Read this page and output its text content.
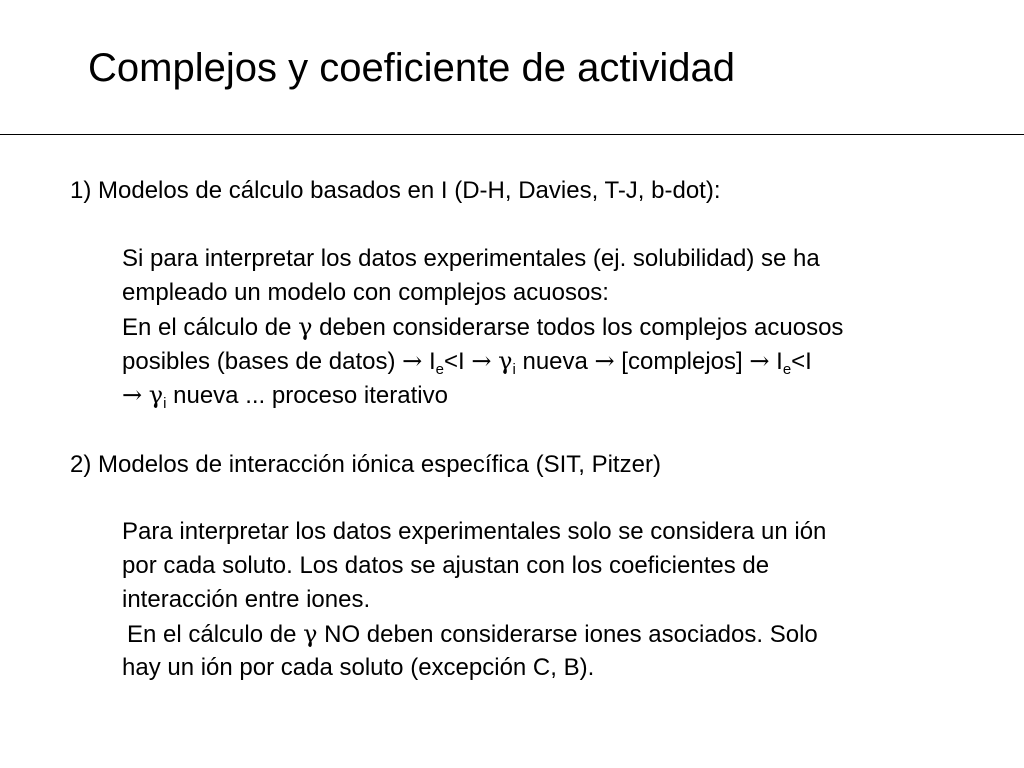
Complejos y coeficiente de actividad
1) Modelos de cálculo basados en I (D-H, Davies, T-J, b-dot):
Si para interpretar los datos experimentales (ej. solubilidad) se ha
empleado un modelo con complejos acuosos:
En el cálculo de γ deben considerarse todos los complejos acuosos
posibles (bases de datos) → $I_e<I \to \gamma_i$ nueva → [complejos] → $I_e<I$
→ $\gamma_i$ nueva ... proceso iterativo
2) Modelos de interacción iónica específica (SIT, Pitzer)
Para interpretar los datos experimentales solo se considera un ión
por cada soluto. Los datos se ajustan con los coeficientes de
interacción entre iones.
En el cálculo de γ NO deben considerarse iones asociados. Solo
hay un ión por cada soluto (excepción C, B).
